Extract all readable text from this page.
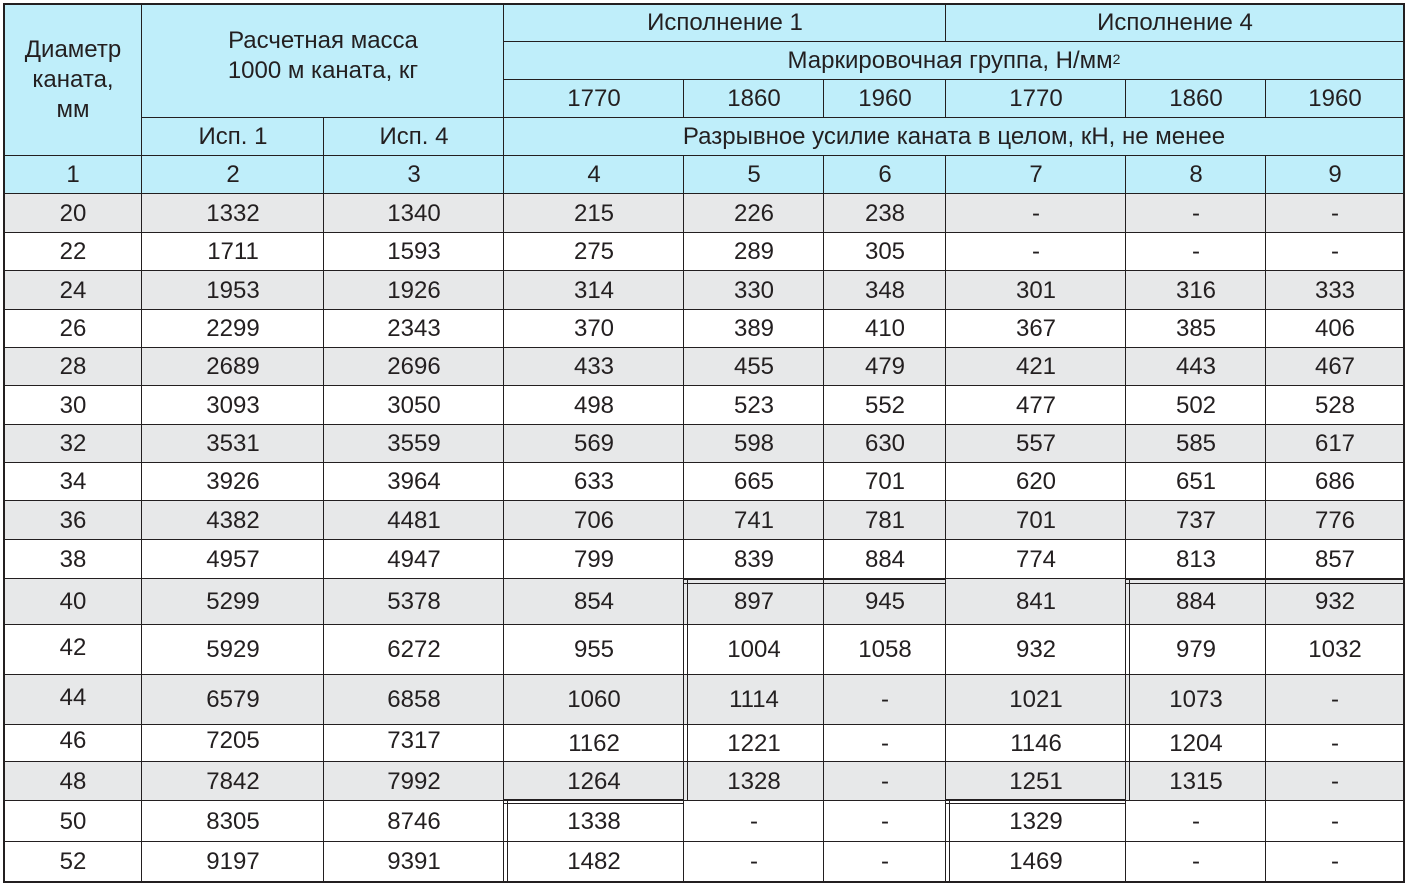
Диаметр
каната,
мм
Расчетная масса
1000 м каната, кг
Исполнение 1	Исполнение 4
Маркировочная группа, $Н/мм^2$
Исп. 1	Исп. 4	Разрывное усилие каната в целом, кН, не менее
1770	1860	1960	1770	1860	1960
1	2	3	4	5	6	7	8	9
20	1332	1340	215	226	238	-	-	-
22	1711	1593	275	289	305	-	-	-
24	1953	1926	314	330	348	301	316	333
26	2299	2343	370	389	410	367	385	406
28	2689	2696	433	455	479	421	443	467
30	3093	3050	498	523	552	477	502	528
32	3531	3559	569	598	630	557	585	617
34	3926	3964	633	665	701	620	651	686
36	4382	4481	706	741	781	701	737	776
38	4957	4947	799	839	884	774	813	857
40	5299	5378	854	897	945	841	884	932
42	5929	6272	955	1004	1058	932	979	1032
44	6579	6858	1060	1114	-	1021	1073	-
46	7205	7317	1162	1221	-	1146	1204	-
48	7842	7992	1264	1328	-	1251	1315	-
50	8305	8746	1338	-	-	1329	-	-
52	9197	9391	1482	-	-	1469	-	-
